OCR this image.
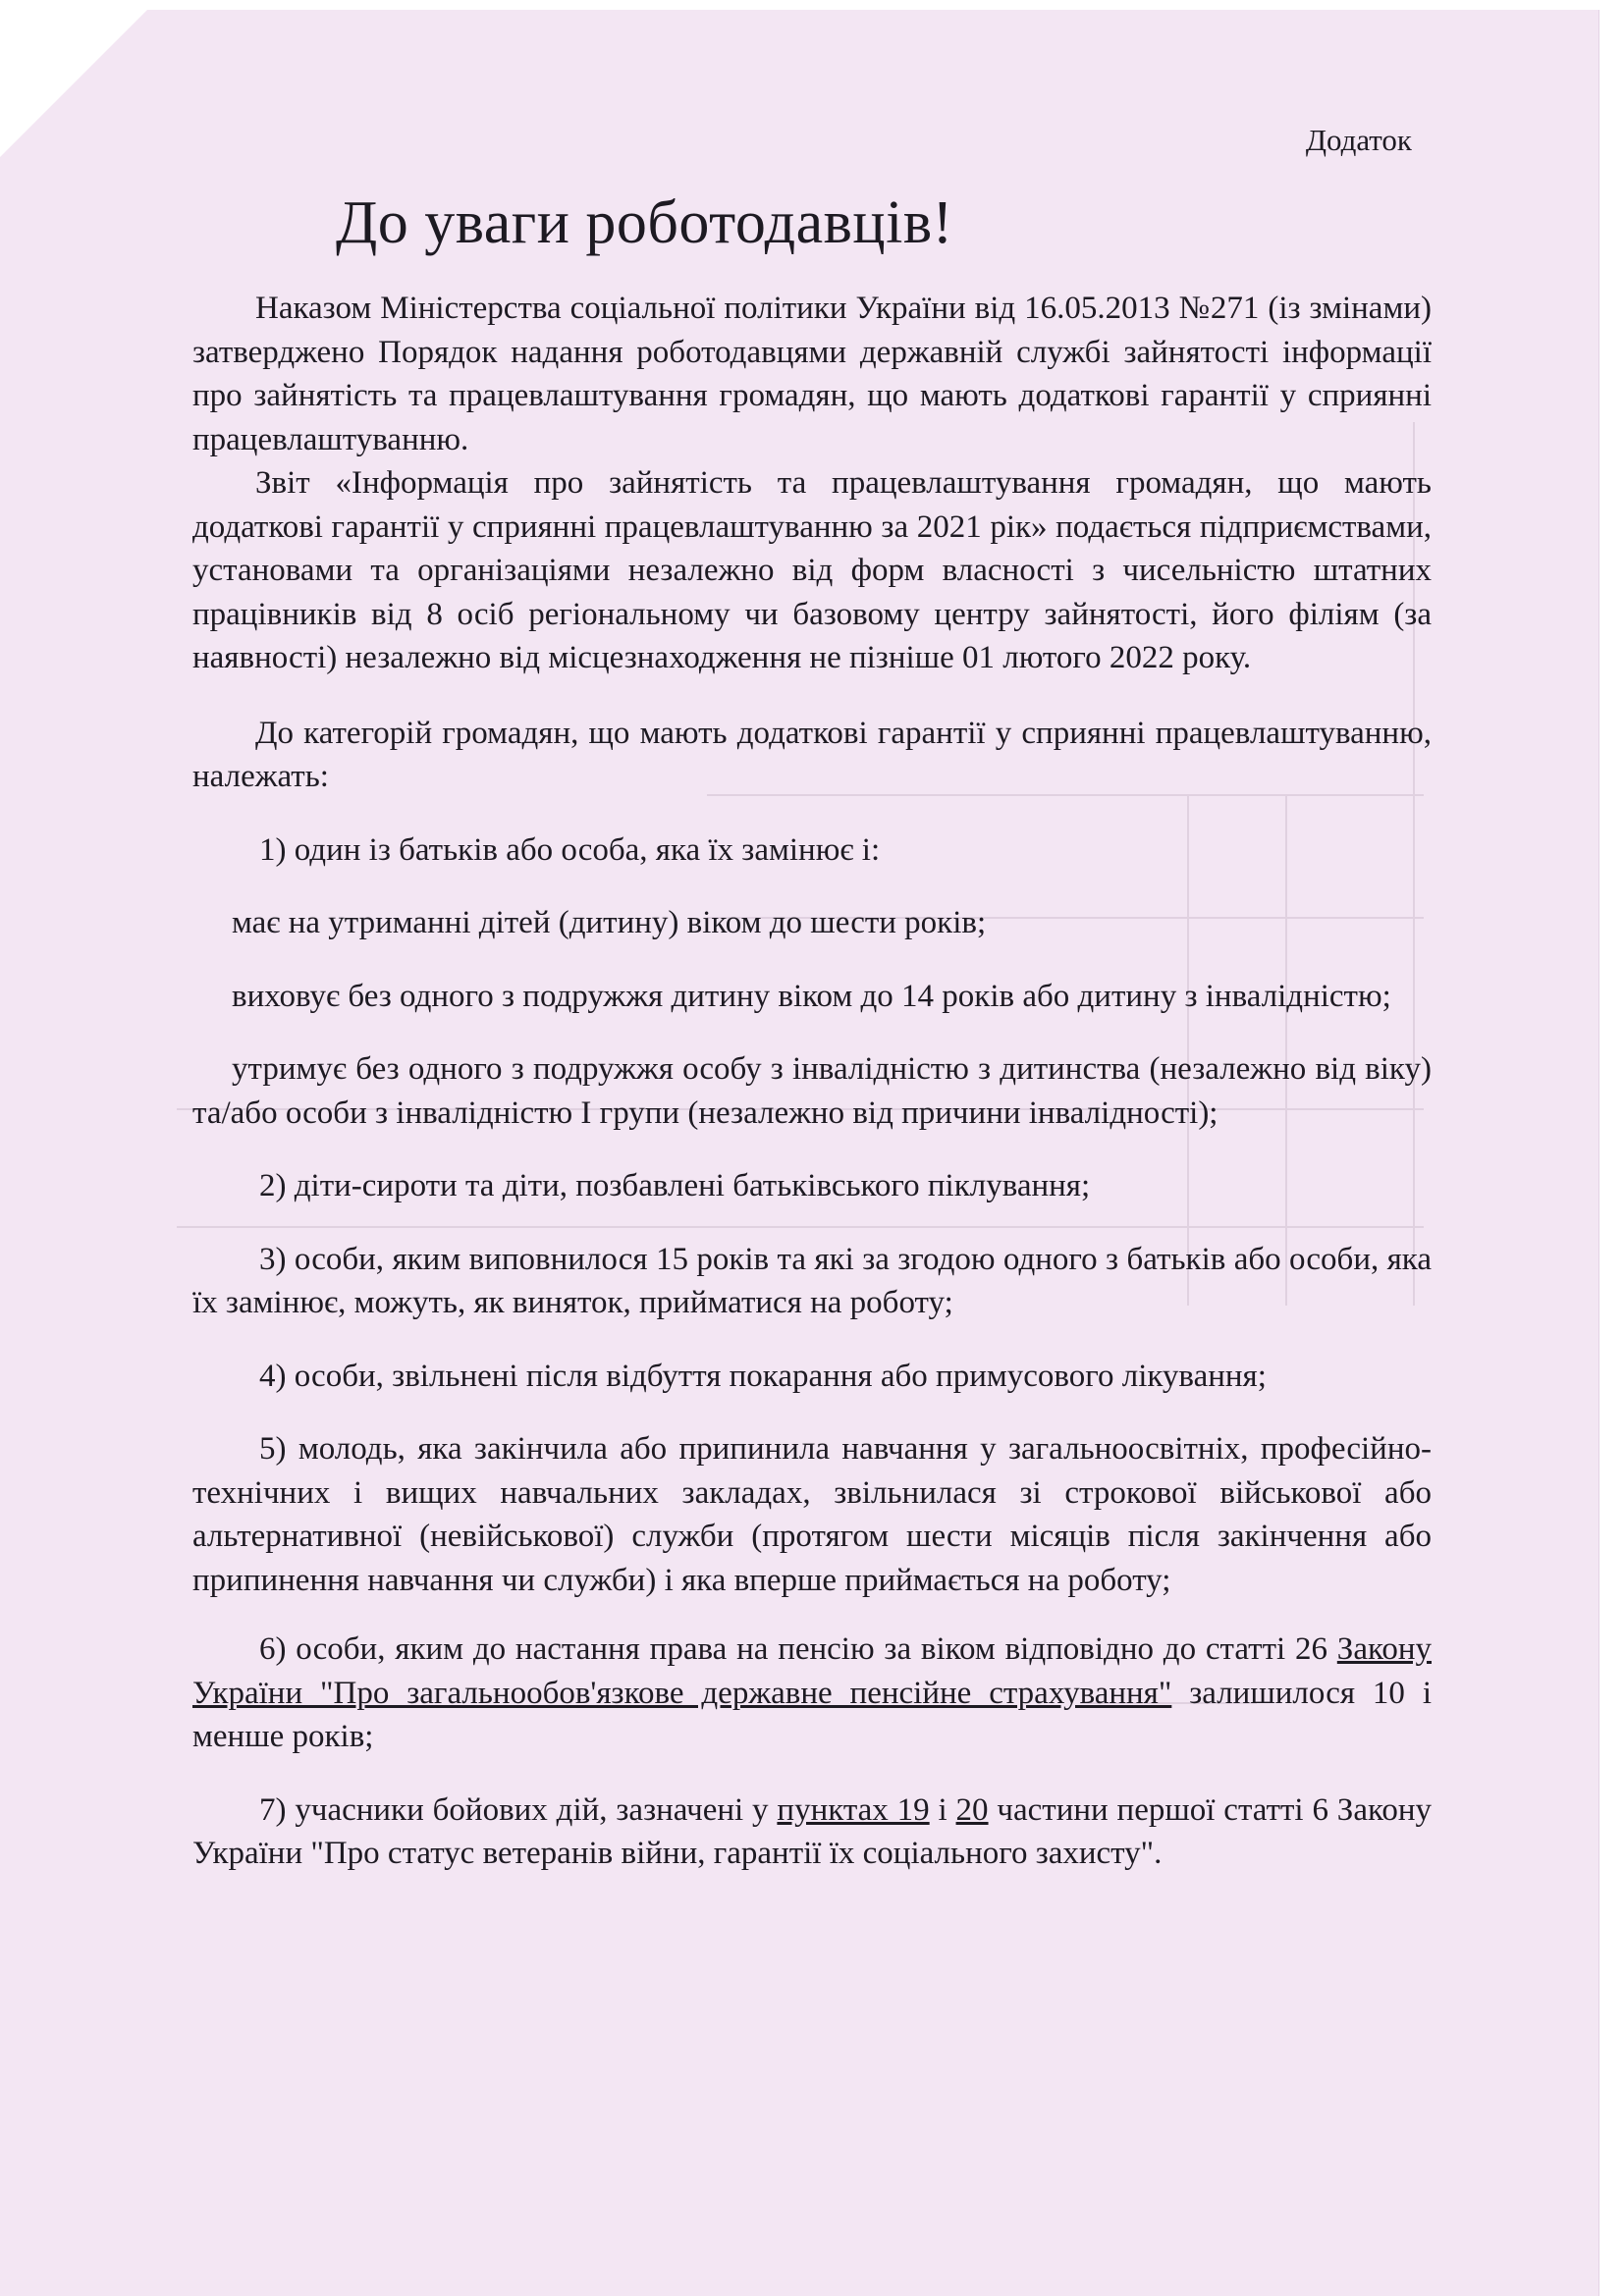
Додаток
До уваги роботодавців!

Наказом Міністерства соціальної політики України від 16.05.2013 №271 (із змінами) затверджено Порядок надання роботодавцями державній службі зайнятості інформації про зайнятість та працевлаштування громадян, що мають додаткові гарантії у сприянні працевлаштуванню.

Звіт «Інформація про зайнятість та працевлаштування громадян, що мають додаткові гарантії у сприянні працевлаштуванню за 2021 рік» подається підприємствами, установами та організаціями незалежно від форм власності з чисельністю штатних працівників від 8 осіб регіональному чи базовому центру зайнятості, його філіям (за наявності) незалежно від місцезнаходження не пізніше 01 лютого 2022 року.

До категорій громадян, що мають додаткові гарантії у сприянні працевлаштуванню, належать:

1) один із батьків або особа, яка їх замінює і:

має на утриманні дітей (дитину) віком до шести років;

виховує без одного з подружжя дитину віком до 14 років або дитину з інвалідністю;

утримує без одного з подружжя особу з інвалідністю з дитинства (незалежно від віку) та/або особи з інвалідністю I групи (незалежно від причини інвалідності);

2) діти-сироти та діти, позбавлені батьківського піклування;

3) особи, яким виповнилося 15 років та які за згодою одного з батьків або особи, яка їх замінює, можуть, як виняток, прийматися на роботу;

4) особи, звільнені після відбуття покарання або примусового лікування;

5) молодь, яка закінчила або припинила навчання у загальноосвітніх, професійно-технічних і вищих навчальних закладах, звільнилася зі строкової військової або альтернативної (невійськової) служби (протягом шести місяців після закінчення або припинення навчання чи служби) і яка вперше приймається на роботу;

6) особи, яким до настання права на пенсію за віком відповідно до статті 26 Закону України "Про загальнообов'язкове державне пенсійне страхування" залишилося 10 і менше років;

7) учасники бойових дій, зазначені у пунктах 19 і 20 частини першої статті 6 Закону України "Про статус ветеранів війни, гарантії їх соціального захисту".
